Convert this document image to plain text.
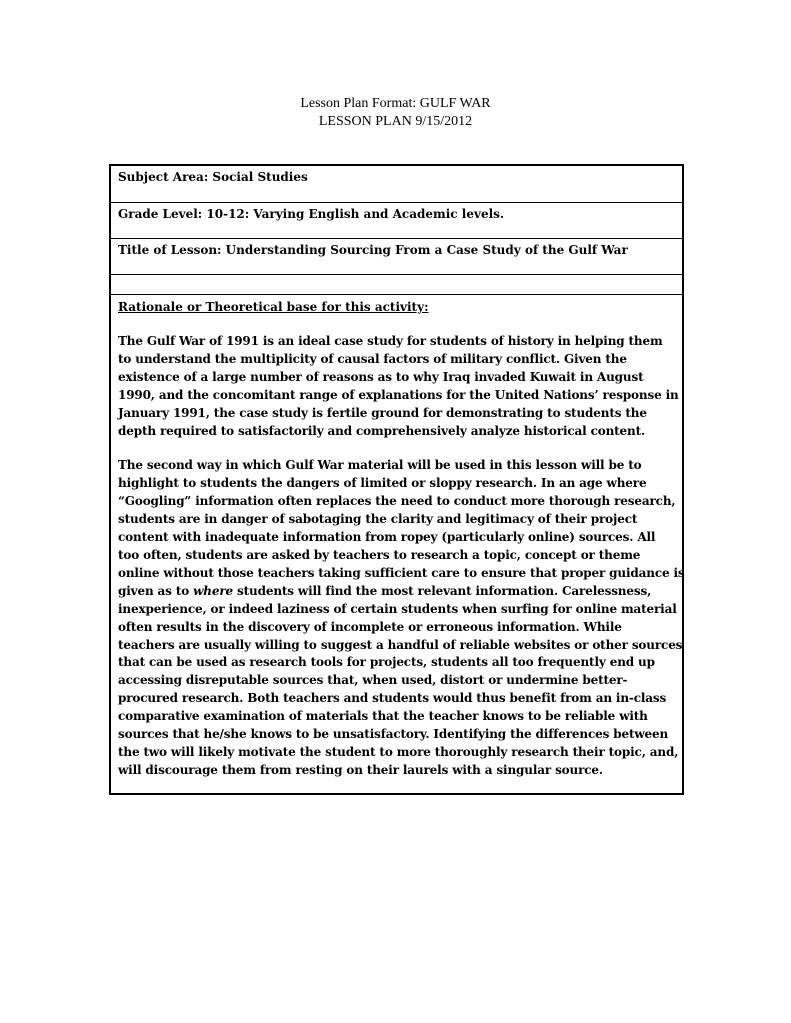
Lesson Plan Format: GULF WAR
LESSON PLAN 9/15/2012
Subject Area: Social Studies
Grade Level: 10-12: Varying English and Academic levels.
Title of Lesson: Understanding Sourcing From a Case Study of the Gulf War
Rationale or Theoretical base for this activity:
The Gulf War of 1991 is an ideal case study for students of history in helping them
to understand the multiplicity of causal factors of military conflict. Given the
existence of a large number of reasons as to why Iraq invaded Kuwait in August
1990, and the concomitant range of explanations for the United Nations’ response in
January 1991, the case study is fertile ground for demonstrating to students the
depth required to satisfactorily and comprehensively analyze historical content.
The second way in which Gulf War material will be used in this lesson will be to
highlight to students the dangers of limited or sloppy research. In an age where
“Googling” information often replaces the need to conduct more thorough research,
students are in danger of sabotaging the clarity and legitimacy of their project
content with inadequate information from ropey (particularly online) sources. All
too often, students are asked by teachers to research a topic, concept or theme
online without those teachers taking sufficient care to ensure that proper guidance is
given as to where students will find the most relevant information. Carelessness,
inexperience, or indeed laziness of certain students when surfing for online material
often results in the discovery of incomplete or erroneous information. While
teachers are usually willing to suggest a handful of reliable websites or other sources
that can be used as research tools for projects, students all too frequently end up
accessing disreputable sources that, when used, distort or undermine better-
procured research. Both teachers and students would thus benefit from an in-class
comparative examination of materials that the teacher knows to be reliable with
sources that he/she knows to be unsatisfactory. Identifying the differences between
the two will likely motivate the student to more thoroughly research their topic, and,
will discourage them from resting on their laurels with a singular source.
